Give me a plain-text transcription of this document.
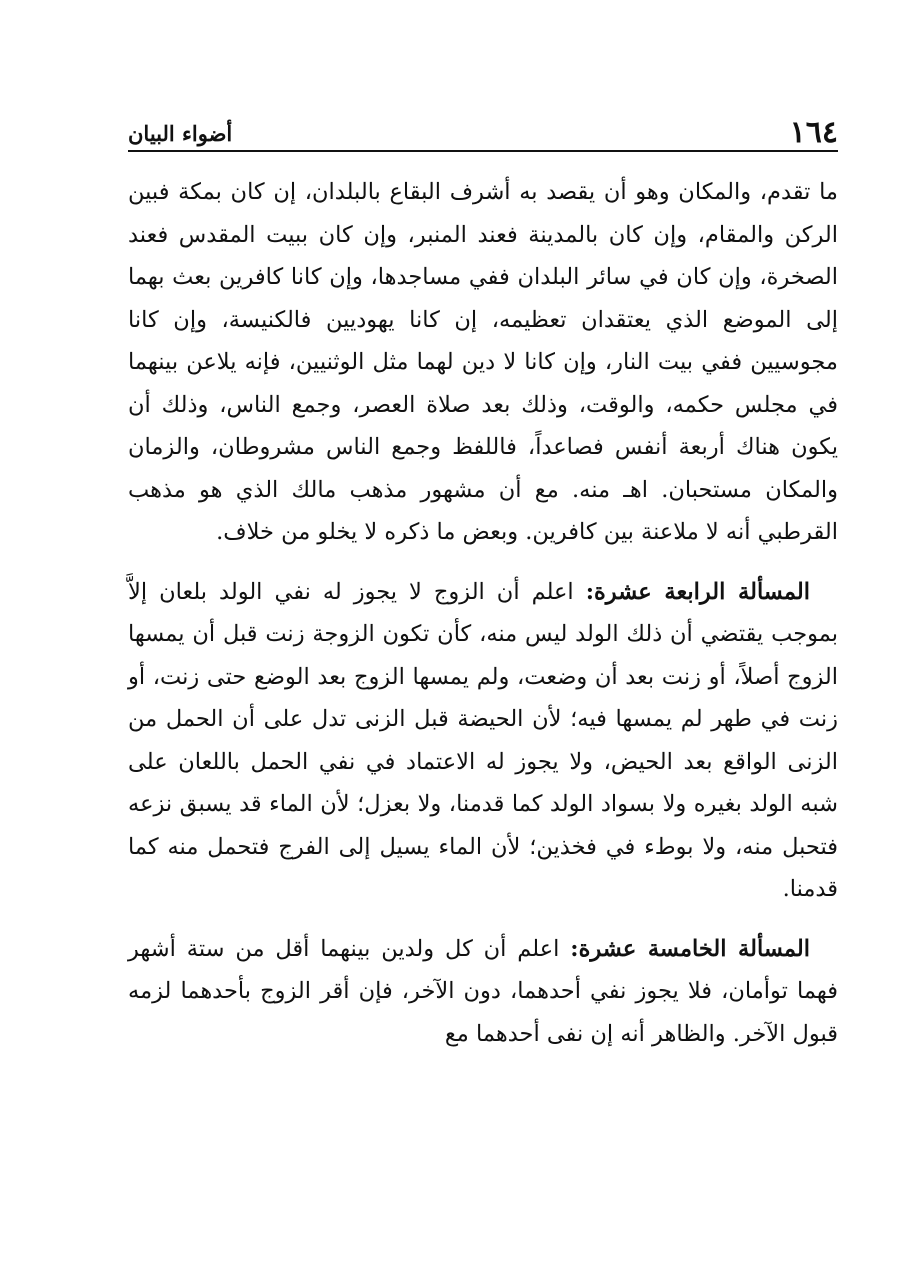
١٦٤
أضواء البيان

ما تقدم، والمكان وهو أن يقصد به أشرف البقاع بالبلدان، إن كان بمكة فبين الركن والمقام، وإن كان بالمدينة فعند المنبر، وإن كان ببيت المقدس فعند الصخرة، وإن كان في سائر البلدان ففي مساجدها، وإن كانا كافرين بعث بهما إلى الموضع الذي يعتقدان تعظيمه، إن كانا يهوديين فالكنيسة، وإن كانا مجوسيين ففي بيت النار، وإن كانا لا دين لهما مثل الوثنيين، فإنه يلاعن بينهما في مجلس حكمه، والوقت، وذلك بعد صلاة العصر، وجمع الناس، وذلك أن يكون هناك أربعة أنفس فصاعداً، فاللفظ وجمع الناس مشروطان، والزمان والمكان مستحبان. اهـ منه. مع أن مشهور مذهب مالك الذي هو مذهب القرطبي أنه لا ملاعنة بين كافرين. وبعض ما ذكره لا يخلو من خلاف.

المسألة الرابعة عشرة: اعلم أن الزوج لا يجوز له نفي الولد بلعان إلاَّ بموجب يقتضي أن ذلك الولد ليس منه، كأن تكون الزوجة زنت قبل أن يمسها الزوج أصلاً، أو زنت بعد أن وضعت، ولم يمسها الزوج بعد الوضع حتى زنت، أو زنت في طهر لم يمسها فيه؛ لأن الحيضة قبل الزنى تدل على أن الحمل من الزنى الواقع بعد الحيض، ولا يجوز له الاعتماد في نفي الحمل باللعان على شبه الولد بغيره ولا بسواد الولد كما قدمنا، ولا بعزل؛ لأن الماء قد يسبق نزعه فتحبل منه، ولا بوطء في فخذين؛ لأن الماء يسيل إلى الفرج فتحمل منه كما قدمنا.

المسألة الخامسة عشرة: اعلم أن كل ولدين بينهما أقل من ستة أشهر فهما توأمان، فلا يجوز نفي أحدهما، دون الآخر، فإن أقر الزوج بأحدهما لزمه قبول الآخر. والظاهر أنه إن نفى أحدهما مع
